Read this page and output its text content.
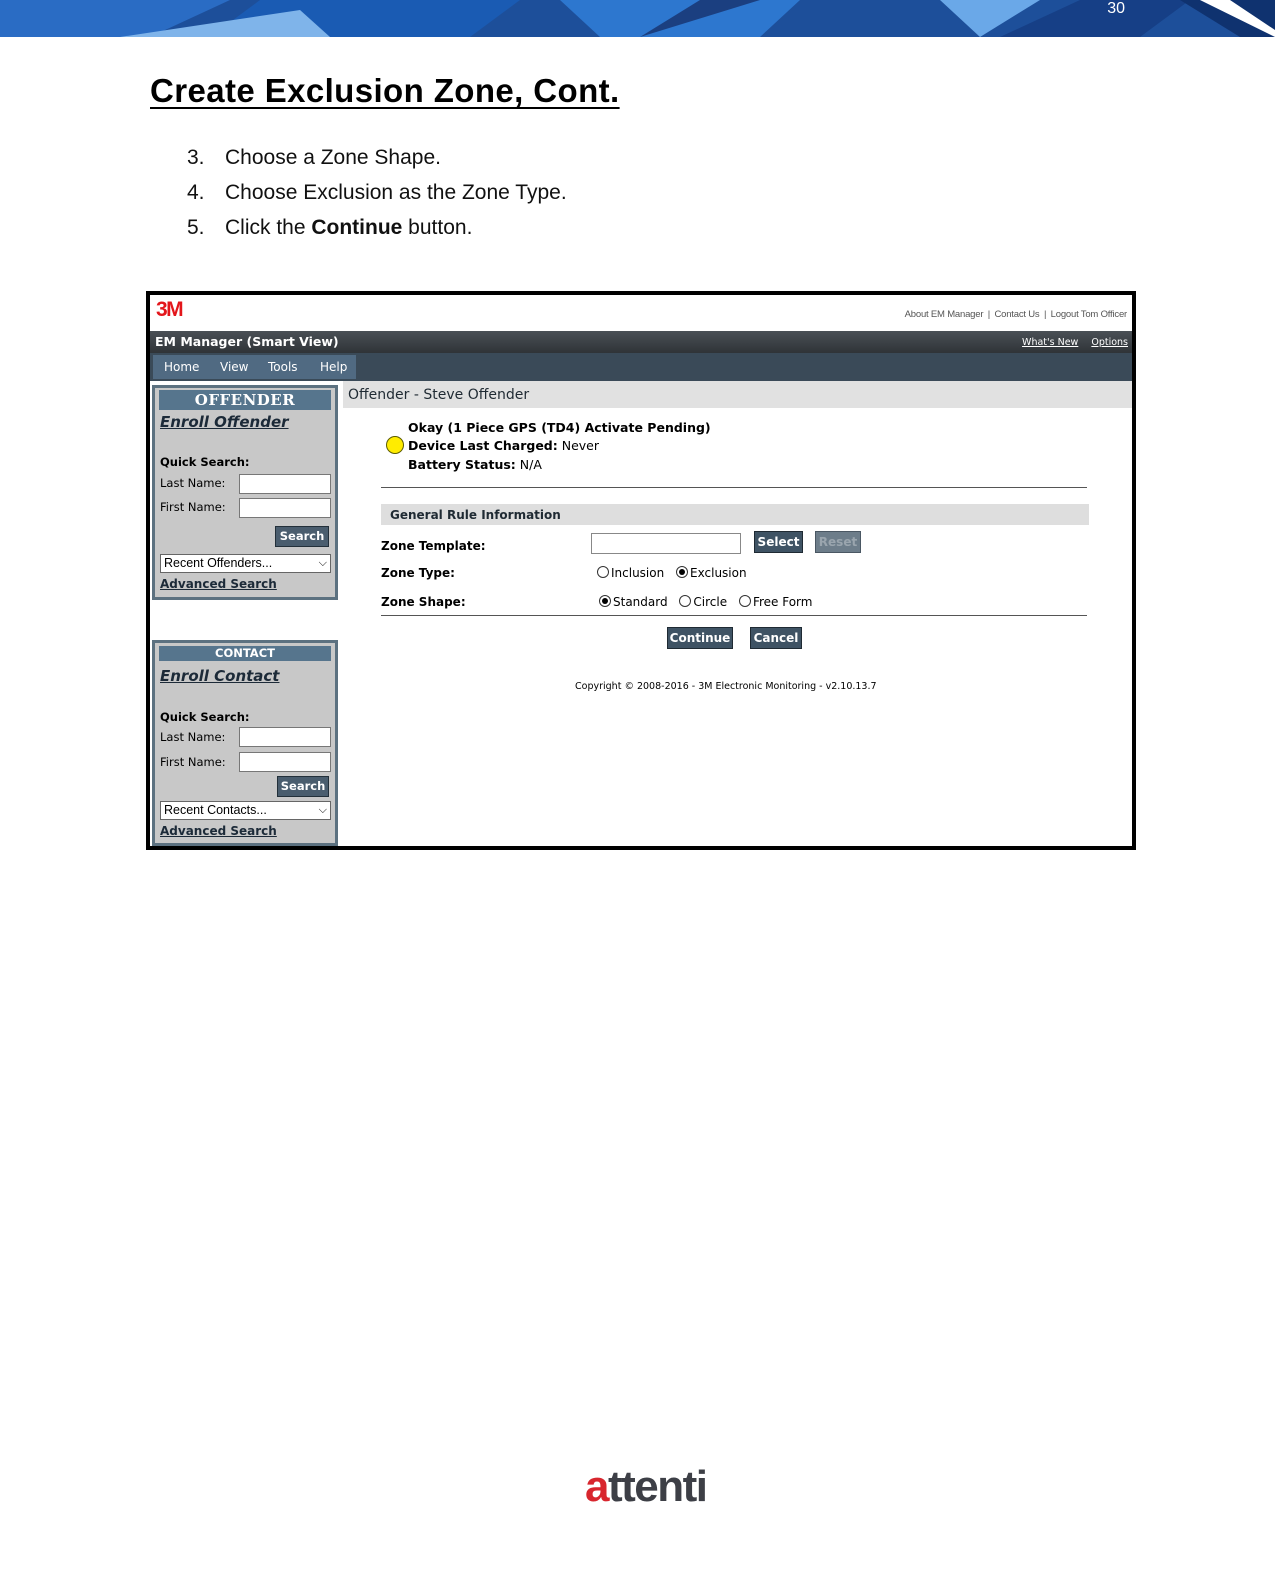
30
Create Exclusion Zone, Cont.
3. Choose a Zone Shape.
4. Choose Exclusion as the Zone Type.
5. Click the Continue button.
3M	About EM Manager | Contact Us | Logout Tom Officer
EM Manager (Smart View)	What's New Options
Home View Tools Help
OFFENDER
Enroll Offender
Quick Search:
Last Name:
First Name:
Search
Recent Offenders...	⌵
Advanced Search
CONTACT
Enroll Contact
Quick Search:
Last Name:
First Name:
Search
Recent Contacts...	⌵
Advanced Search
Offender - Steve Offender
Okay (1 Piece GPS (TD4) Activate Pending)
Device Last Charged: Never
Battery Status: N/A
General Rule Information
Zone Template:	Select	Reset
Zone Type:	Inclusion Exclusion
Zone Shape:	Standard Circle Free Form
Continue Cancel
Copyright © 2008-2016 - 3M Electronic Monitoring - v2.10.13.7
attenti
